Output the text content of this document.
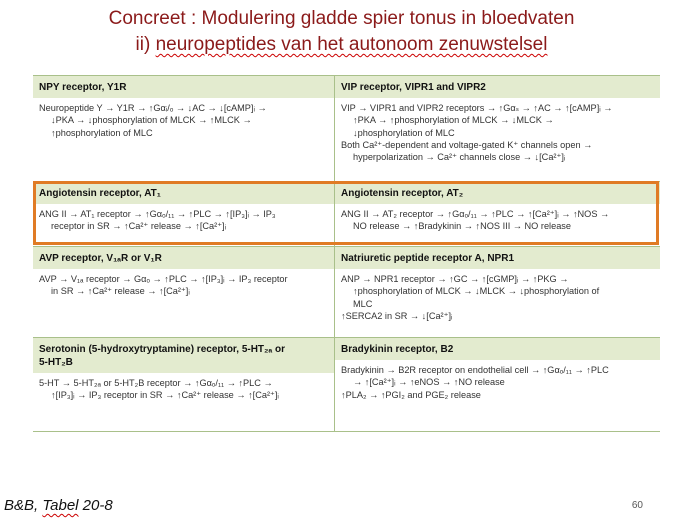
Concreet : Modulering gladde spier tonus in bloedvaten
ii) neuropeptides van het autonoom zenuwstelsel
NPY receptor, Y1R
Neuropeptide Y → Y1R → ↑Gαᵢ/ₒ → ↓AC → ↓[cAMP]ᵢ →
↓PKA → ↓phosphorylation of MLCK → ↑MLCK →
↑phosphorylation of MLC
VIP receptor, VIPR1 and VIPR2
VIP → VIPR1 and VIPR2 receptors → ↑Gαₛ → ↑AC → ↑[cAMP]ᵢ →
↑PKA → ↑phosphorylation of MLCK → ↓MLCK →
↓phosphorylation of MLC
Both Ca²⁺-dependent and voltage-gated K⁺ channels open →
hyperpolarization → Ca²⁺ channels close → ↓[Ca²⁺]ᵢ
Angiotensin receptor, AT₁
ANG II → AT₁ receptor → ↑Gαₒ/₁₁ → ↑PLC → ↑[IP₃]ᵢ → IP₃
receptor in SR → ↑Ca²⁺ release → ↑[Ca²⁺]ᵢ
Angiotensin receptor, AT₂
ANG II → AT₂ receptor → ↑Gαₒ/₁₁ → ↑PLC → ↑[Ca²⁺]ᵢ → ↑NOS →
NO release → ↑Bradykinin → ↑NOS III → NO release
AVP receptor, V₁ₐR or V₁R
AVP → V₁ₐ receptor → Gαₒ → ↑PLC → ↑[IP₃]ᵢ → IP₃ receptor
in SR → ↑Ca²⁺ release → ↑[Ca²⁺]ᵢ
Natriuretic peptide receptor A, NPR1
ANP → NPR1 receptor → ↑GC → ↑[cGMP]ᵢ → ↑PKG →
↑phosphorylation of MLCK → ↓MLCK → ↓phosphorylation of
MLC
↑SERCA2 in SR → ↓[Ca²⁺]ᵢ
Serotonin (5-hydroxytryptamine) receptor, 5-HT₂ₐ or
5-HT₂B
5-HT → 5-HT₂ₐ or 5-HT₂B receptor → ↑Gαₒ/₁₁ → ↑PLC →
↑[IP₃]ᵢ → IP₃ receptor in SR → ↑Ca²⁺ release → ↑[Ca²⁺]ᵢ
Bradykinin receptor, B2
Bradykinin → B2R receptor on endothelial cell → ↑Gαₒ/₁₁ → ↑PLC
→ ↑[Ca²⁺]ᵢ → ↑eNOS → ↑NO release
↑PLA₂ → ↑PGI₂ and PGE₂ release
B&B, Tabel 20-8	60
